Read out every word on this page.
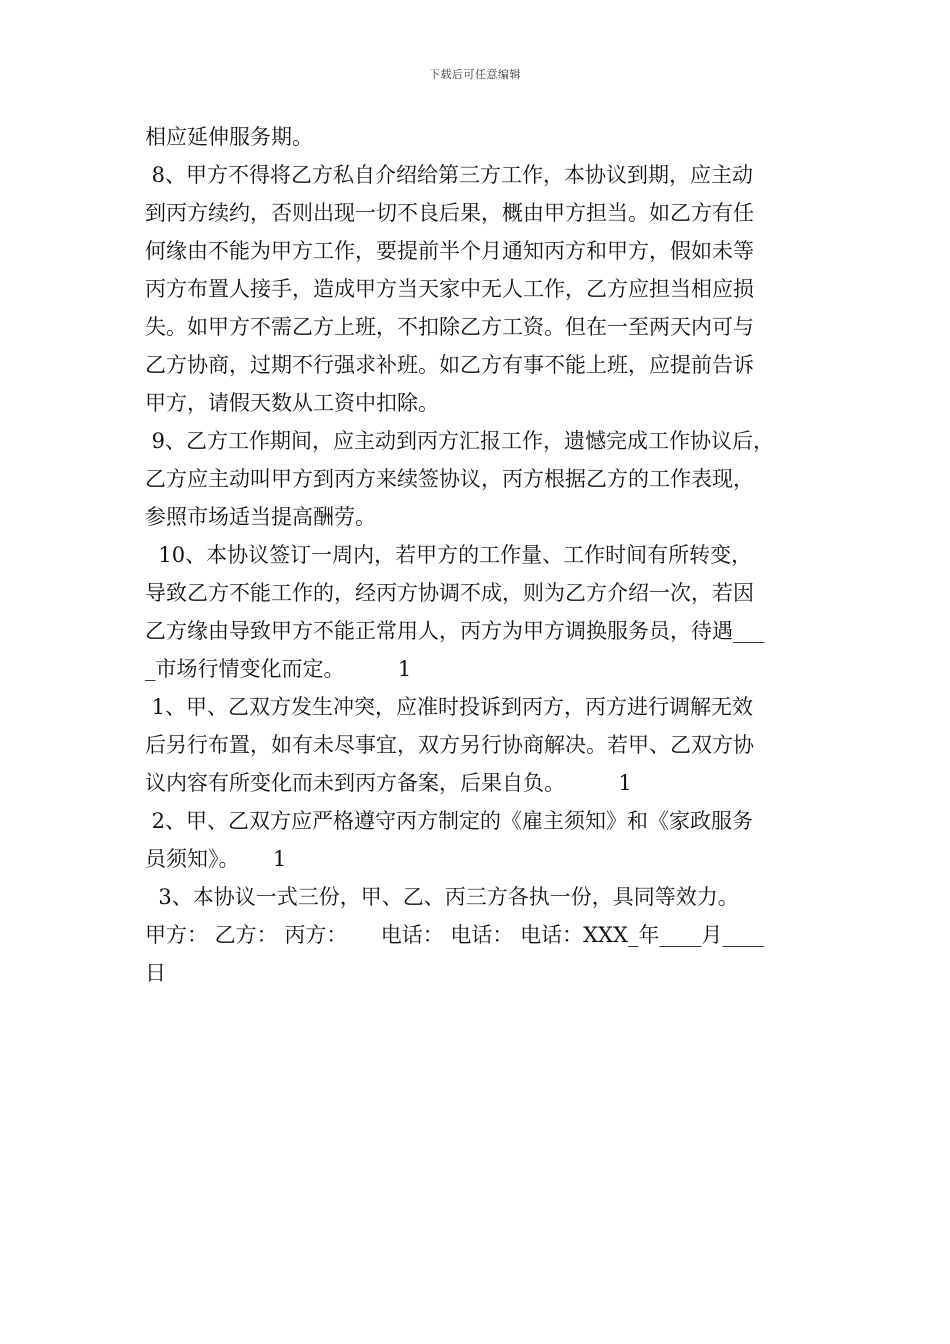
下载后可任意编辑
相应延伸服务期。
8、甲方不得将乙方私自介绍给第三方工作，本协议到期，应主动
到丙方续约，否则出现一切不良后果，概由甲方担当。如乙方有任
何缘由不能为甲方工作，要提前半个月通知丙方和甲方，假如未等
丙方布置人接手，造成甲方当天家中无人工作，乙方应担当相应损
失。如甲方不需乙方上班，不扣除乙方工资。但在一至两天内可与
乙方协商，过期不行强求补班。如乙方有事不能上班，应提前告诉
甲方，请假天数从工资中扣除。
9、乙方工作期间，应主动到丙方汇报工作，遗憾完成工作协议后，
乙方应主动叫甲方到丙方来续签协议，丙方根据乙方的工作表现，
参照市场适当提高酬劳。
10、本协议签订一周内，若甲方的工作量、工作时间有所转变，
导致乙方不能工作的，经丙方协调不成，则为乙方介绍一次，若因
乙方缘由导致甲方不能正常用人，丙方为甲方调换服务员，待遇___
_市场行情变化而定。        1
1、甲、乙双方发生冲突，应准时投诉到丙方，丙方进行调解无效
后另行布置，如有未尽事宜，双方另行协商解决。若甲、乙双方协
议内容有所变化而未到丙方备案，后果自负。        1
2、甲、乙双方应严格遵守丙方制定的《雇主须知》和《家政服务
员须知》。     1
3、本协议一式三份，甲、乙、丙三方各执一份，具同等效力。
甲方： 乙方： 丙方：     电话： 电话： 电话：XXX_年____月____
日
